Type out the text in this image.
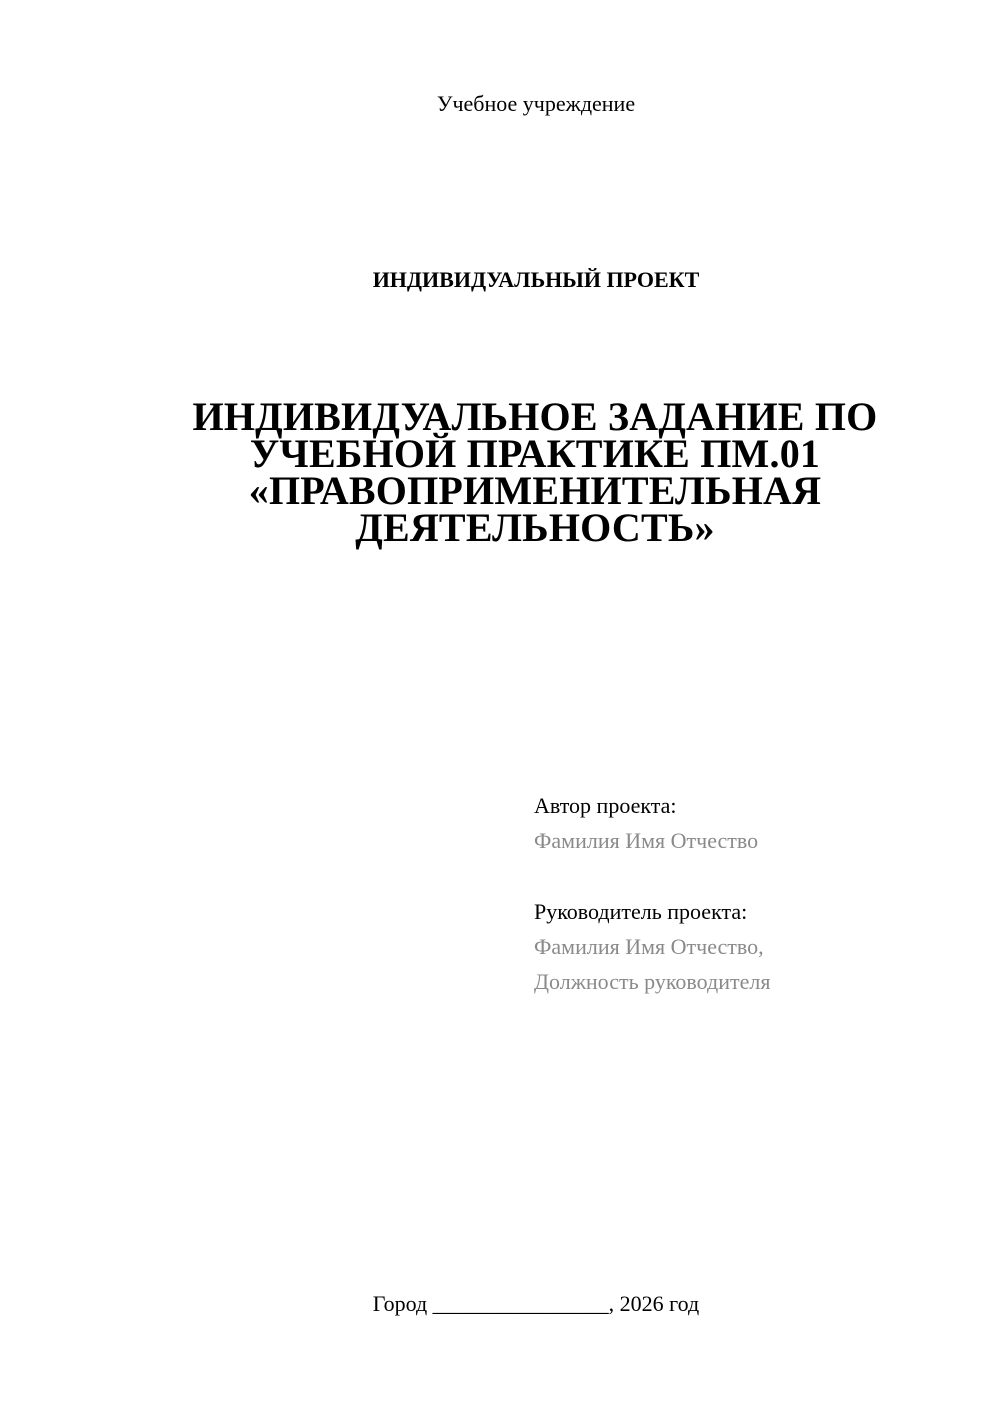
Учебное учреждение
ИНДИВИДУАЛЬНЫЙ ПРОЕКТ
ИНДИВИДУАЛЬНОЕ ЗАДАНИЕ ПО
УЧЕБНОЙ ПРАКТИКЕ ПМ.01
«ПРАВОПРИМЕНИТЕЛЬНАЯ
ДЕЯТЕЛЬНОСТЬ»
Автор проекта:
Фамилия Имя Отчество
Руководитель проекта:
Фамилия Имя Отчество,
Должность руководителя
Город ________________, 2026 год
